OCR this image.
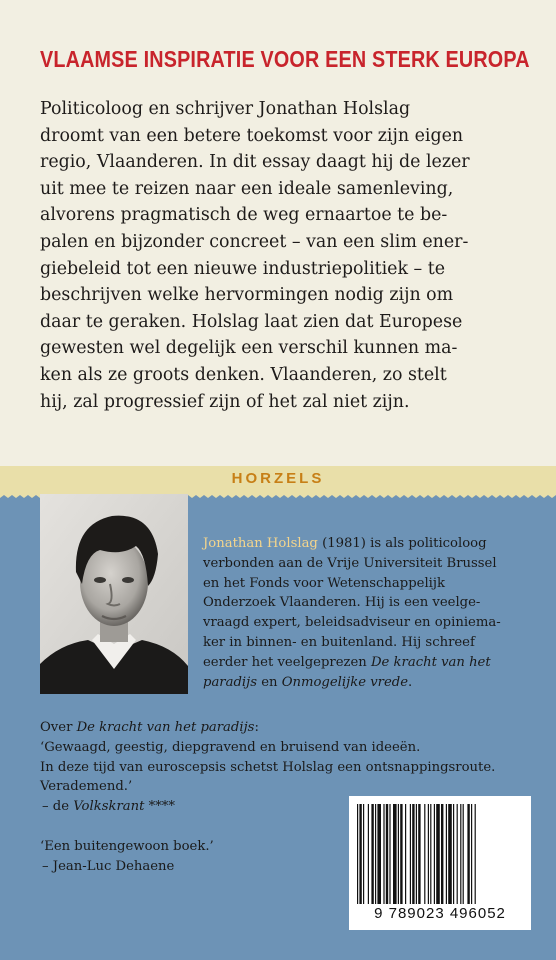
VLAAMSE INSPIRATIE VOOR EEN STERK EUROPA
Politicoloog en schrijver Jonathan Holslag
droomt van een betere toekomst voor zijn eigen
regio, Vlaanderen. In dit essay daagt hij de lezer
uit mee te reizen naar een ideale samenleving,
alvorens pragmatisch de weg ernaartoe te be-
palen en bijzonder concreet – van een slim ener-
giebeleid tot een nieuwe industriepolitiek – te
beschrijven welke hervormingen nodig zijn om
daar te geraken. Holslag laat zien dat Europese
gewesten wel degelijk een verschil kunnen ma-
ken als ze groots denken. Vlaanderen, zo stelt
hij, zal progressief zijn of het zal niet zijn.
HORZELS
Jonathan Holslag (1981) is als politicoloog
verbonden aan de Vrije Universiteit Brussel
en het Fonds voor Wetenschappelijk
Onderzoek Vlaanderen. Hij is een veelge-
vraagd expert, beleidsadviseur en opiniema-
ker in binnen- en buitenland. Hij schreef
eerder het veelgeprezen De kracht van het
paradijs en Onmogelijke vrede.
Over De kracht van het paradijs:
‘Gewaagd, geestig, diepgravend en bruisend van ideeën.
In deze tijd van euroscepsis schetst Holslag een ontsnappingsroute.
Verademend.’
– de Volkskrant ****
‘Een buitengewoon boek.’
– Jean-Luc Dehaene
9 789023 496052
